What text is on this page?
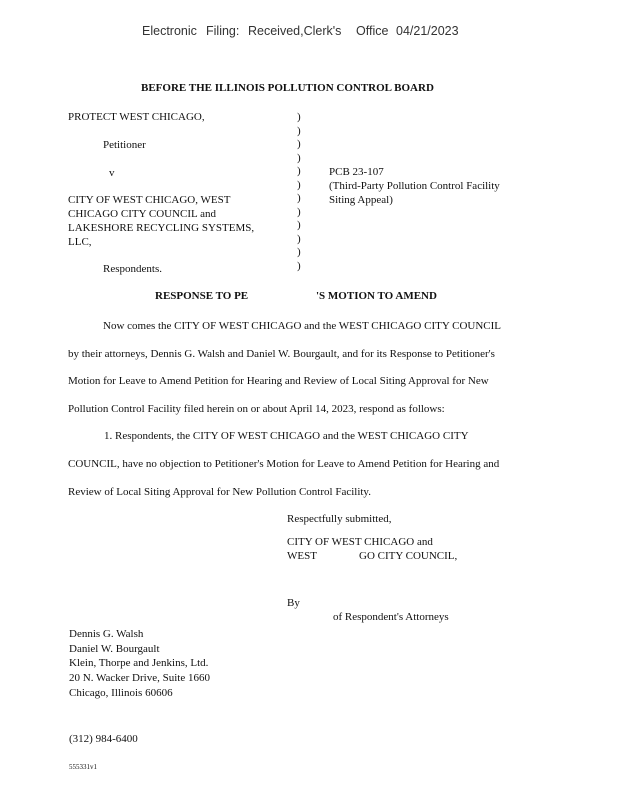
Electronic Filing: Received,Clerk's Office 04/21/2023
BEFORE THE ILLINOIS POLLUTION CONTROL BOARD
PROTECT WEST CHICAGO,
Petitioner
v
CITY OF WEST CHICAGO, WEST
CHICAGO CITY COUNCIL and
LAKESHORE RECYCLING SYSTEMS,
LLC,
Respondents.
)
)
)
)
)
)
)
)
)
)
)
)
PCB 23-107
(Third-Party Pollution Control Facility
Siting Appeal)
RESPONSE TO PE	'S MOTION TO AMEND
Now comes the CITY OF WEST CHICAGO and the WEST CHICAGO CITY COUNCIL
by their attorneys, Dennis G. Walsh and Daniel W. Bourgault, and for its Response to Petitioner's
Motion for Leave to Amend Petition for Hearing and Review of Local Siting Approval for New
Pollution Control Facility filed herein on or about April 14, 2023, respond as follows:
1. Respondents, the CITY OF WEST CHICAGO and the WEST CHICAGO CITY
COUNCIL, have no objection to Petitioner's Motion for Leave to Amend Petition for Hearing and
Review of Local Siting Approval for New Pollution Control Facility.
Respectfully submitted,
CITY OF WEST CHICAGO and
WEST	GO CITY COUNCIL,
By
of Respondent's Attorneys
Dennis G. Walsh
Daniel W. Bourgault
Klein, Thorpe and Jenkins, Ltd.
20 N. Wacker Drive, Suite 1660
Chicago, Illinois 60606
(312) 984-6400
555331v1
